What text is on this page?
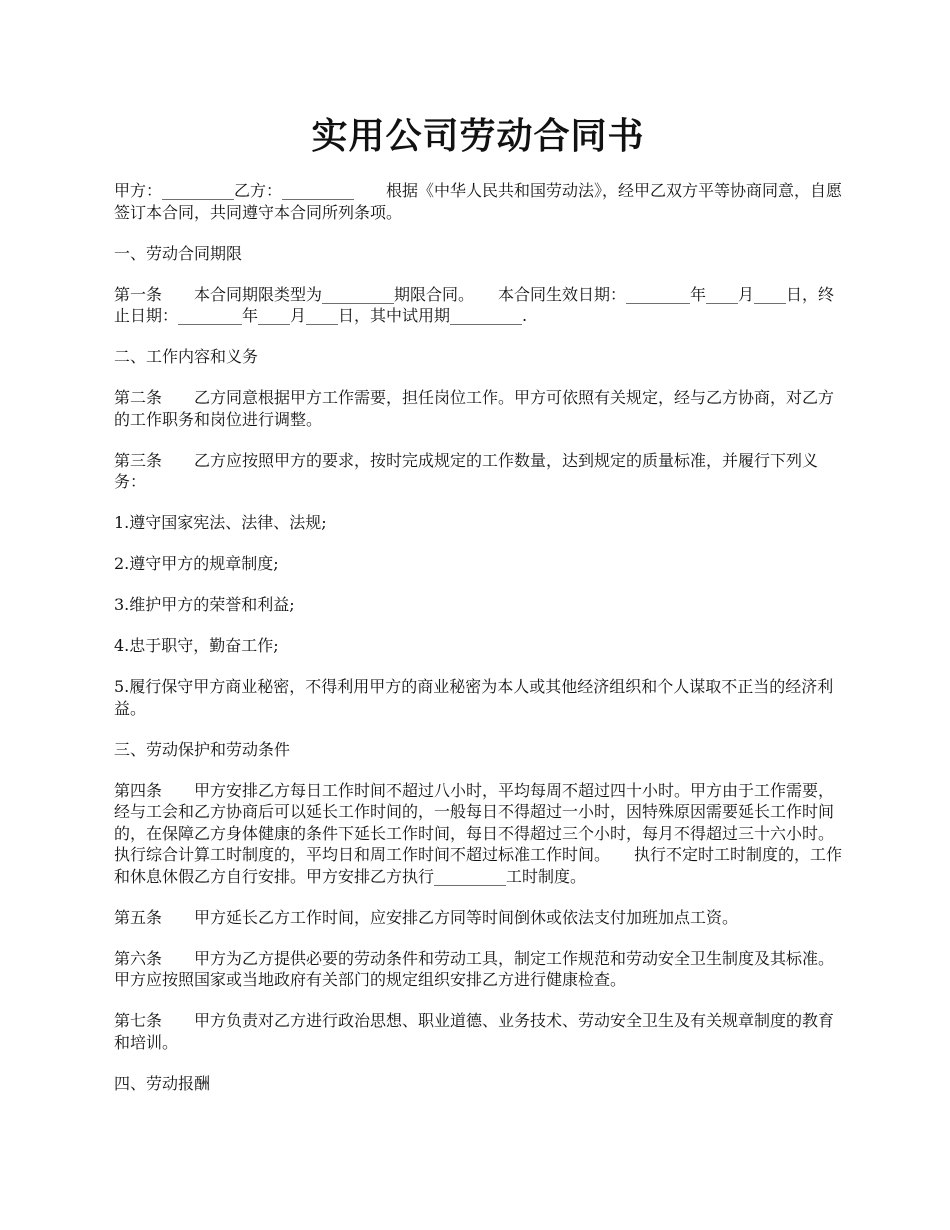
实用公司劳动合同书

甲方：_________乙方：_________　　根据《中华人民共和国劳动法》，经甲乙双方平等协商同意，自愿签订本合同，共同遵守本合同所列条项。

一、劳动合同期限

第一条　　本合同期限类型为_________期限合同。　　本合同生效日期：________年____月____日，终止日期：________年____月____日，其中试用期_________.

二、工作内容和义务

第二条　　乙方同意根据甲方工作需要，担任岗位工作。甲方可依照有关规定，经与乙方协商，对乙方的工作职务和岗位进行调整。

第三条　　乙方应按照甲方的要求，按时完成规定的工作数量，达到规定的质量标准，并履行下列义务：

1.遵守国家宪法、法律、法规;

2.遵守甲方的规章制度;

3.维护甲方的荣誉和利益;

4.忠于职守，勤奋工作;

5.履行保守甲方商业秘密，不得利用甲方的商业秘密为本人或其他经济组织和个人谋取不正当的经济利益。

三、劳动保护和劳动条件

第四条　　甲方安排乙方每日工作时间不超过八小时，平均每周不超过四十小时。甲方由于工作需要，经与工会和乙方协商后可以延长工作时间的，一般每日不得超过一小时，因特殊原因需要延长工作时间的，在保障乙方身体健康的条件下延长工作时间，每日不得超过三个小时，每月不得超过三十六小时。　　执行综合计算工时制度的，平均日和周工作时间不超过标准工作时间。　　执行不定时工时制度的，工作和休息休假乙方自行安排。甲方安排乙方执行_________工时制度。

第五条　　甲方延长乙方工作时间，应安排乙方同等时间倒休或依法支付加班加点工资。

第六条　　甲方为乙方提供必要的劳动条件和劳动工具，制定工作规范和劳动安全卫生制度及其标准。　　甲方应按照国家或当地政府有关部门的规定组织安排乙方进行健康检查。

第七条　　甲方负责对乙方进行政治思想、职业道德、业务技术、劳动安全卫生及有关规章制度的教育和培训。

四、劳动报酬
